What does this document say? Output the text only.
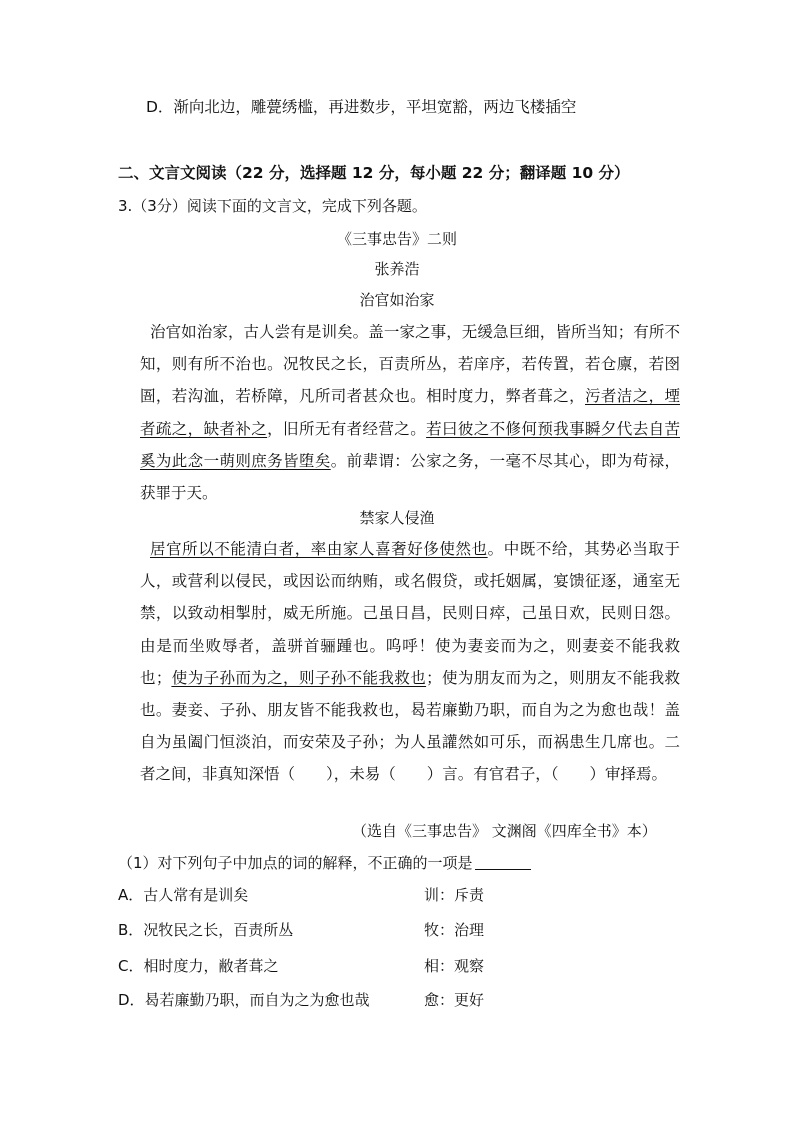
D．渐向北边，雕甍绣槛，再进数步，平坦宽豁，两边飞楼插空
二、文言文阅读（22 分，选择题 12 分，每小题 22 分；翻译题 10 分）
3.（3分）阅读下面的文言文，完成下列各题。
《三事忠告》二则
张养浩
治官如治家
治官如治家，古人尝有是训矣。盖一家之事，无缓急巨细，皆所当知；有所不知，则有所不治也。况牧民之长，百责所丛，若庠序，若传置，若仓廪，若囹圄，若沟洫，若桥障，凡所司者甚众也。相时度力，弊者葺之，污者洁之，堙者疏之，缺者补之，旧所无有者经营之。若曰彼之不修何预我事瞬夕代去自苦奚为此念一萌则庶务皆堕矣。前辈谓：公家之务，一毫不尽其心，即为苟禄，获罪于天。
禁家人侵渔
居官所以不能清白者，率由家人喜奢好侈使然也。中既不给，其势必当取于人，或营利以侵民，或因讼而纳贿，或名假贷，或托姻属，宴馈征逐，通室无禁，以致动相掣肘，威无所施。己虽日昌，民则日瘁，己虽日欢，民则日怨。由是而坐败辱者，盖骈首骊踵也。呜呼！使为妻妾而为之，则妻妾不能我救也；使为子孙而为之，则子孙不能我救也；使为朋友而为之，则朋友不能我救也。妻妾、子孙、朋友皆不能我救也，曷若廉勤乃职，而自为之为愈也哉！盖自为虽阖门恒淡泊，而安荣及子孙；为人虽讙然如可乐，而祸患生几席也。二者之间，非真知深悟（　　），未易（　　）言。有官君子，（　　）审择焉。
（选自《三事忠告》 文渊阁《四库全书》本）
（1）对下列句子中加点的词的解释，不正确的一项是
A．古人常有是训矣	训：斥责
B．况牧民之长，百责所丛	牧：治理
C．相时度力，敝者葺之	相：观察
D．曷若廉勤乃职，而自为之为愈也哉	愈：更好
